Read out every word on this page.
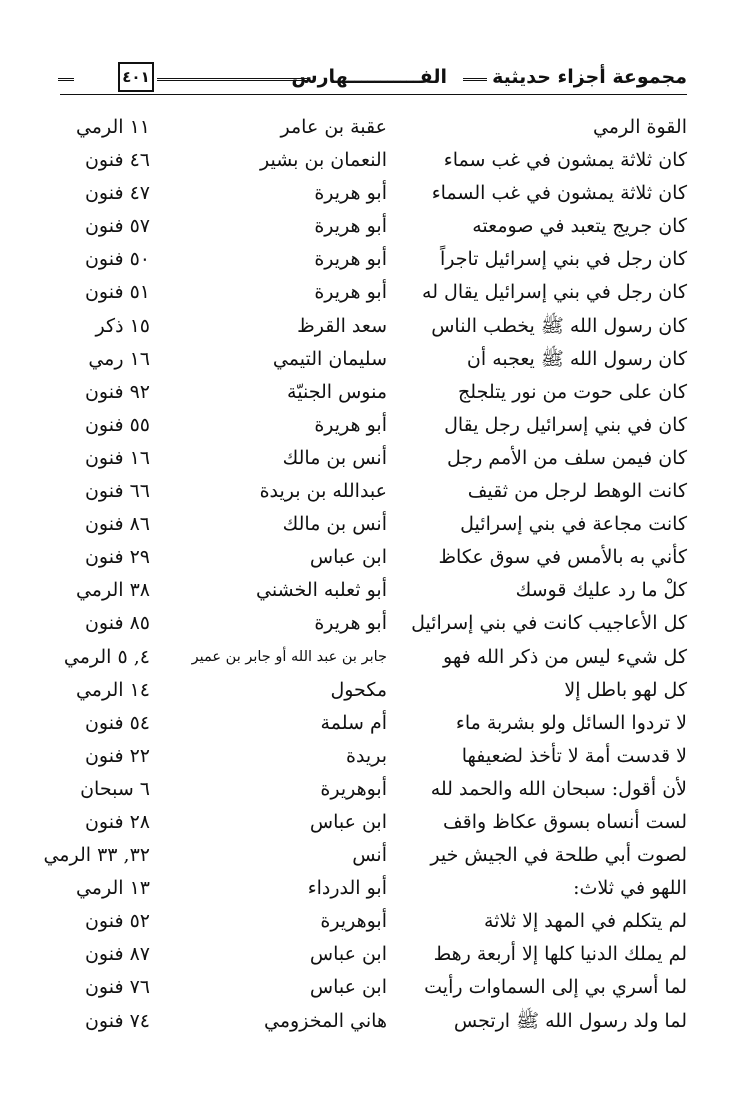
مجموعة أجزاء حديثية
الفـــــــــــهارس
٤٠١
القوة الرمي
عقبة بن عامر
١١ الرمي
كان ثلاثة يمشون في غب سماء
النعمان بن بشير
٤٦ فنون
كان ثلاثة يمشون في غب السماء
أبو هريرة
٤٧ فنون
كان جريج يتعبد في صومعته
أبو هريرة
٥٧ فنون
كان رجل في بني إسرائيل تاجراً
أبو هريرة
٥٠ فنون
كان رجل في بني إسرائيل يقال له
أبو هريرة
٥١ فنون
كان رسول الله ﷺ يخطب الناس
سعد القرظ
١٥ ذكر
كان رسول الله ﷺ يعجبه أن
سليمان التيمي
١٦ رمي
كان على حوت من نور يتلجلج
منوس الجنيّة
٩٢ فنون
كان في بني إسرائيل رجل يقال
أبو هريرة
٥٥ فنون
كان فيمن سلف من الأمم رجل
أنس بن مالك
١٦ فنون
كانت الوهط لرجل من ثقيف
عبدالله بن بريدة
٦٦ فنون
كانت مجاعة في بني إسرائيل
أنس بن مالك
٨٦ فنون
كأني به بالأمس في سوق عكاظ
ابن عباس
٢٩ فنون
كلْ ما رد عليك قوسك
أبو ثعلبه الخشني
٣٨ الرمي
كل الأعاجيب كانت في بني إسرائيل
أبو هريرة
٨٥ فنون
كل شيء ليس من ذكر الله فهو
جابر بن عبد الله أو جابر بن عمير
٤, ٥ الرمي
كل لهو باطل إلا
مكحول
١٤ الرمي
لا تردوا السائل ولو بشربة ماء
أم سلمة
٥٤ فنون
لا قدست أمة لا تأخذ لضعيفها
بريدة
٢٢ فنون
لأن أقول: سبحان الله والحمد لله
أبوهريرة
٦ سبحان
لست أنساه بسوق عكاظ واقف
ابن عباس
٢٨ فنون
لصوت أبي طلحة في الجيش خير
أنس
٣٢, ٣٣ الرمي
اللهو في ثلاث:
أبو الدرداء
١٣ الرمي
لم يتكلم في المهد إلا ثلاثة
أبوهريرة
٥٢ فنون
لم يملك الدنيا كلها إلا أربعة رهط
ابن عباس
٨٧ فنون
لما أسري بي إلى السماوات رأيت
ابن عباس
٧٦ فنون
لما ولد رسول الله ﷺ ارتجس
هاني المخزومي
٧٤ فنون
